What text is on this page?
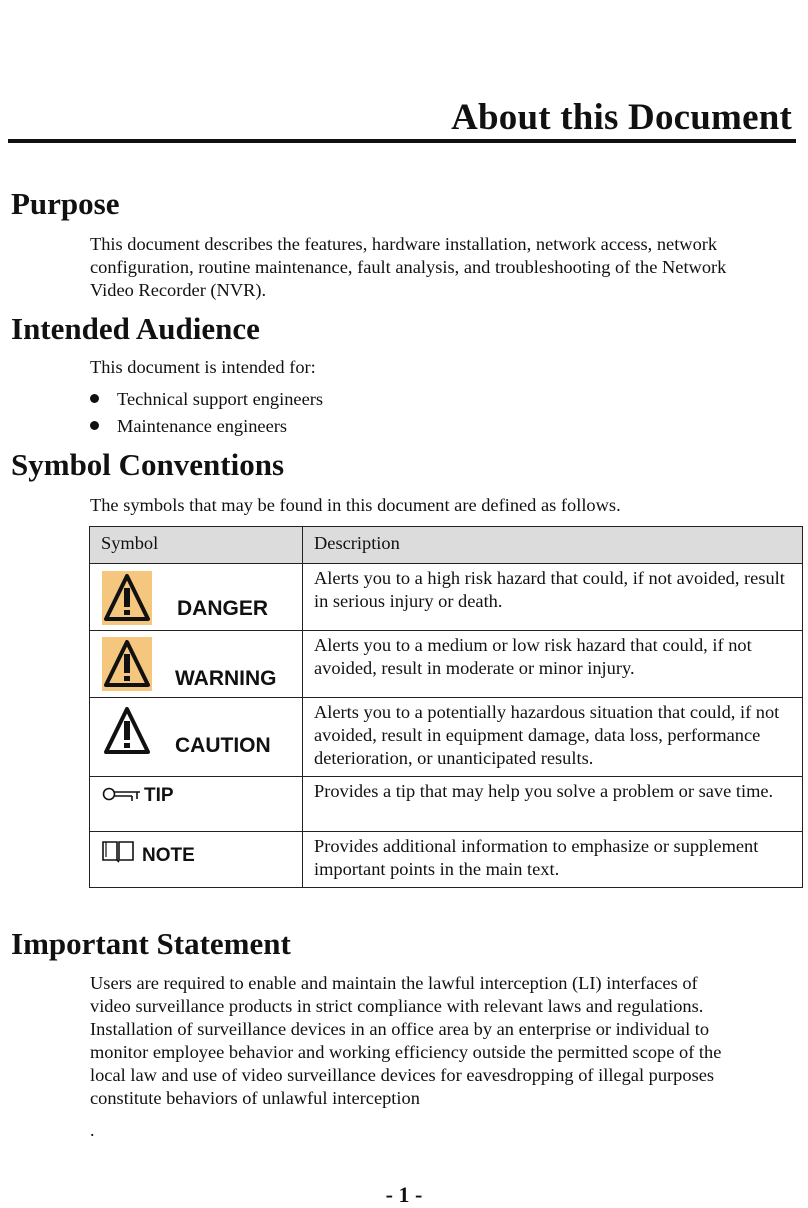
About this Document
Purpose
This document describes the features, hardware installation, network access, network
configuration, routine maintenance, fault analysis, and troubleshooting of the Network
Video Recorder (NVR).
Intended Audience
This document is intended for:
Technical support engineers
Maintenance engineers
Symbol Conventions
The symbols that may be found in this document are defined as follows.
Symbol	Description

DANGER	Alerts you to a high risk hazard that could, if not avoided, result in serious injury or death.

WARNING	Alerts you to a medium or low risk hazard that could, if not avoided, result in moderate or minor injury.

CAUTION	Alerts you to a potentially hazardous situation that could, if not avoided, result in equipment damage, data loss, performance deterioration, or unanticipated results.

TIP	Provides a tip that may help you solve a problem or save time.

NOTE	Provides additional information to emphasize or supplement important points in the main text.
Important Statement
Users are required to enable and maintain the lawful interception (LI) interfaces of
video surveillance products in strict compliance with relevant laws and regulations.
Installation of surveillance devices in an office area by an enterprise or individual to
monitor employee behavior and working efficiency outside the permitted scope of the
local law and use of video surveillance devices for eavesdropping of illegal purposes
constitute behaviors of unlawful interception
.
- 1 -
